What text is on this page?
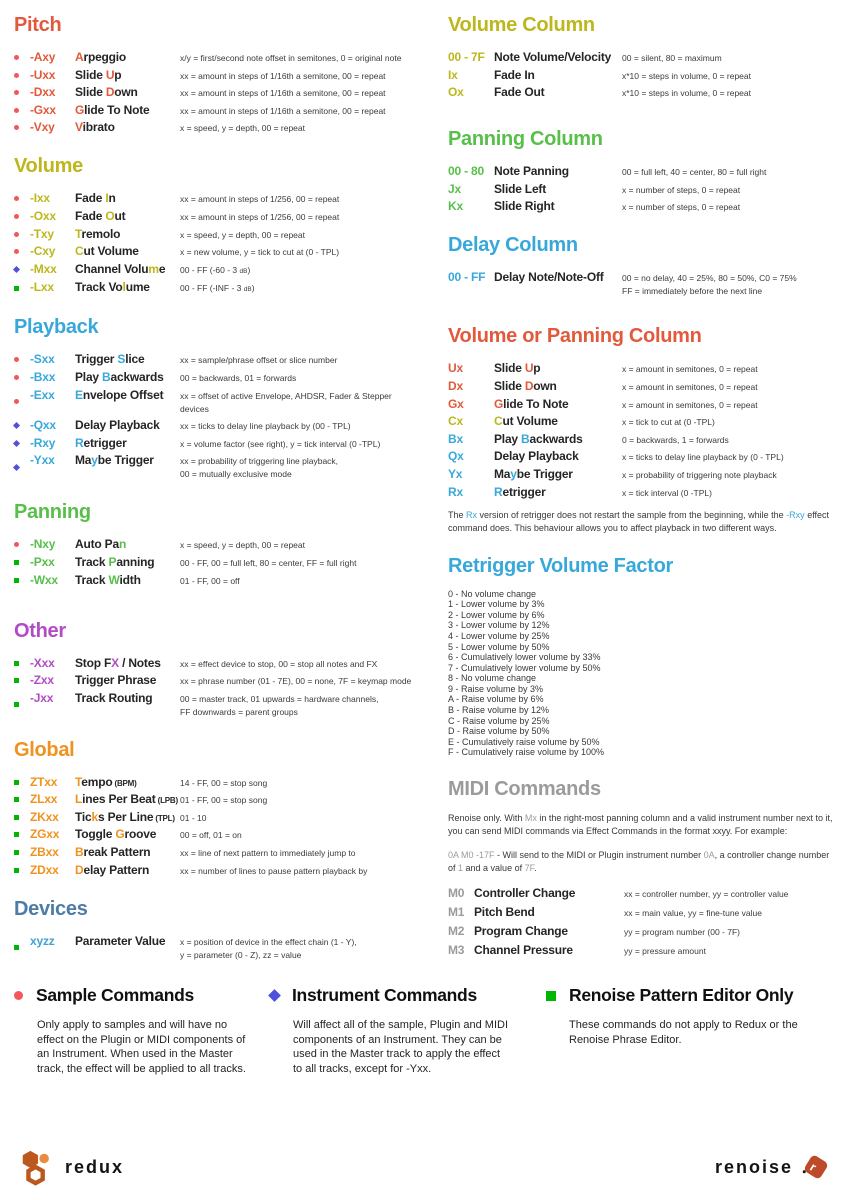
Pitch
-Axy	Arpeggio	x/y = first/second note offset in semitones, 0 = original note
-Uxx	Slide Up	xx = amount in steps of 1/16th a semitone, 00 = repeat
-Dxx	Slide Down	xx = amount in steps of 1/16th a semitone, 00 = repeat
-Gxx	Glide To Note	xx = amount in steps of 1/16th a semitone, 00 = repeat
-Vxy	Vibrato	x = speed, y = depth, 00 = repeat
Volume
-Ixx	Fade In	xx = amount in steps of 1/256, 00 = repeat
-Oxx	Fade Out	xx = amount in steps of 1/256, 00 = repeat
-Txy	Tremolo	x = speed, y = depth, 00 = repeat
-Cxy	Cut Volume	x = new volume, y = tick to cut at (0 - TPL)
-Mxx	Channel Volume	00 - FF (-60 - 3 dB)
-Lxx	Track Volume	00 - FF (-INF - 3 dB)
Playback
-Sxx	Trigger Slice	xx = sample/phrase offset or slice number
-Bxx	Play Backwards	00 = backwards, 01 = forwards
-Exx	Envelope Offset	xx = offset of active Envelope, AHDSR, Fader & Stepper devices
-Qxx	Delay Playback	xx = ticks to delay line playback by (00 - TPL)
-Rxy	Retrigger	x = volume factor (see right), y = tick interval (0 -TPL)
-Yxx	Maybe Trigger	xx = probability of triggering line playback,
00 = mutually exclusive mode
Panning
-Nxy	Auto Pan	x = speed, y = depth, 00 = repeat
-Pxx	Track Panning	00 - FF, 00 = full left, 80 = center, FF = full right
-Wxx	Track Width	01 - FF, 00 = off
Other
-Xxx	Stop FX / Notes	xx = effect device to stop, 00 = stop all notes and FX
-Zxx	Trigger Phrase	xx = phrase number (01 - 7E), 00 = none, 7F = keymap mode
-Jxx	Track Routing	00 = master track, 01 upwards = hardware channels,
FF downwards = parent groups
Global
ZTxx	Tempo (BPM)	14 - FF, 00 = stop song
ZLxx	Lines Per Beat (LPB) 01 - FF, 00 = stop song
ZKxx	Ticks Per Line (TPL) 01 - 10
ZGxx	Toggle Groove	00 = off, 01 = on
ZBxx	Break Pattern	xx = line of next pattern to immediately jump to
ZDxx	Delay Pattern	xx = number of lines to pause pattern playback by
Devices
xyzz	Parameter Value	x = position of device in the effect chain (1 - Y),
y = parameter (0 - Z), zz = value
Volume Column
00 - 7F Note Volume/Velocity	00 = silent, 80 = maximum
Ix	Fade In	x*10 = steps in volume, 0 = repeat
Ox	Fade Out	x*10 = steps in volume, 0 = repeat
Panning Column
00 - 80 Note Panning	00 = full left, 40 = center, 80 = full right
Jx	Slide Left	x = number of steps, 0 = repeat
Kx	Slide Right	x = number of steps, 0 = repeat
Delay Column
00 - FF Delay Note/Note-Off	00 = no delay, 40 = 25%, 80 = 50%, C0 = 75%
FF = immediately before the next line
Volume or Panning Column
Ux	Slide Up	x = amount in semitones, 0 = repeat
Dx	Slide Down	x = amount in semitones, 0 = repeat
Gx	Glide To Note	x = amount in semitones, 0 = repeat
Cx	Cut Volume	x = tick to cut at (0 -TPL)
Bx	Play Backwards	0 = backwards, 1 = forwards
Qx	Delay Playback	x = ticks to delay line playback by (0 - TPL)
Yx	Maybe Trigger	x = probability of triggering note playback
Rx	Retrigger	x = tick interval (0 -TPL)
The Rx version of retrigger does not restart the sample from the beginning, while the -Rxy effect command does. This behaviour allows you to affect playback in two different ways.
Retrigger Volume Factor
0 - No volume change
1 - Lower volume by 3%
2 - Lower volume by 6%
3 - Lower volume by 12%
4 - Lower volume by 25%
5 - Lower volume by 50%
6 - Cumulatively lower volume by 33%
7 - Cumulatively lower volume by 50%
8 - No volume change
9 - Raise volume by 3%
A - Raise volume by 6%
B - Raise volume by 12%
C - Raise volume by 25%
D - Raise volume by 50%
E - Cumulatively raise volume by 50%
F - Cumulatively raise volume by 100%
MIDI Commands
Renoise only. With Mx in the right-most panning column and a valid instrument number next to it, you can send MIDI commands via Effect Commands in the format xxyy. For example:
0A M0 -17F - Will send to the MIDI or Plugin instrument number 0A, a controller change number of 1 and a value of 7F.
M0 Controller Change	xx = controller number, yy = controller value
M1 Pitch Bend	xx = main value, yy = fine-tune value
M2 Program Change	yy = program number (00 - 7F)
M3 Channel Pressure	yy = pressure amount
Sample Commands
Only apply to samples and will have no effect on the Plugin or MIDI components of an Instrument. When used in the Master track, the effect will be applied to all tracks.
Instrument Commands
Will affect all of the sample, Plugin and MIDI components of an Instrument. They can be used in the Master track to apply the effect to all tracks, except for -Yxx.
Renoise Pattern Editor Only
These commands do not apply to Redux or the Renoise Phrase Editor.
redux	renoise r
